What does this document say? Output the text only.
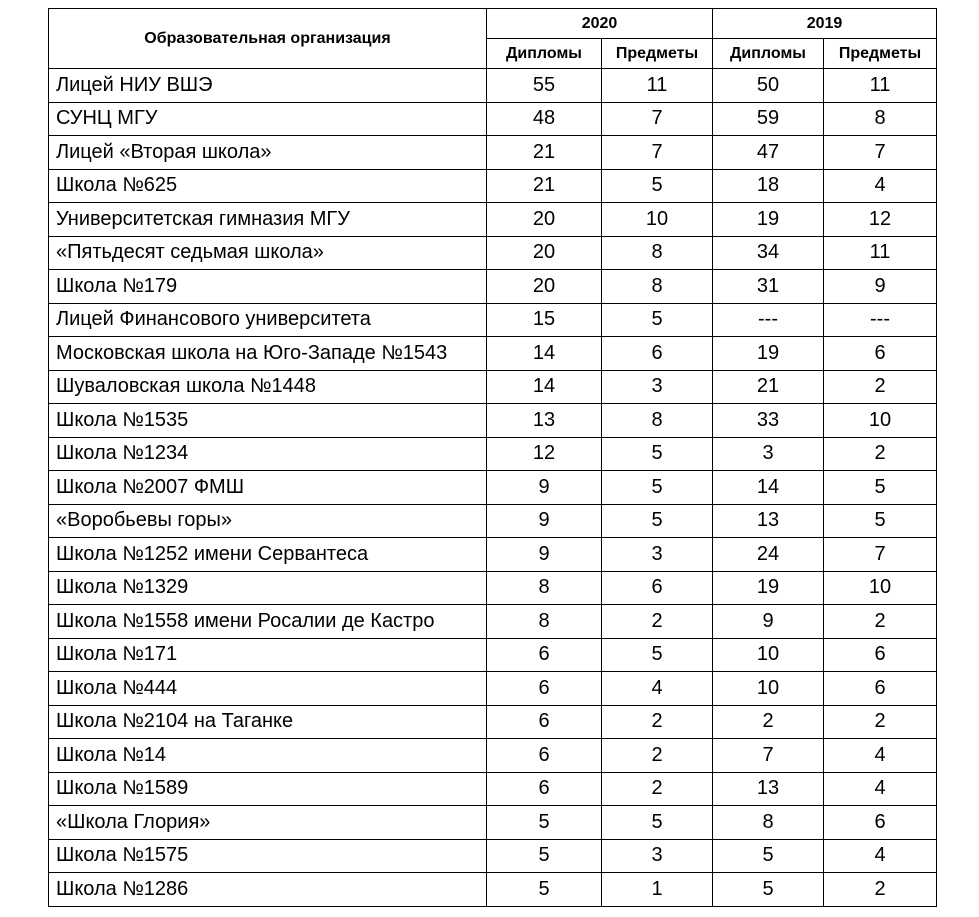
Образовательная организация	2020		2019	
	Дипломы	Предметы	Дипломы	Предметы
Лицей НИУ ВШЭ	55	11	50	11
СУНЦ МГУ	48	7	59	8
Лицей «Вторая школа»	21	7	47	7
Школа №625	21	5	18	4
Университетская гимназия МГУ	20	10	19	12
«Пятьдесят седьмая школа»	20	8	34	11
Школа №179	20	8	31	9
Лицей Финансового университета	15	5	---	---
Московская школа на Юго-Западе №1543	14	6	19	6
Шуваловская школа №1448	14	3	21	2
Школа №1535	13	8	33	10
Школа №1234	12	5	3	2
Школа №2007 ФМШ	9	5	14	5
«Воробьевы горы»	9	5	13	5
Школа №1252 имени Сервантеса	9	3	24	7
Школа №1329	8	6	19	10
Школа №1558 имени Росалии де Кастро	8	2	9	2
Школа №171	6	5	10	6
Школа №444	6	4	10	6
Школа №2104 на Таганке	6	2	2	2
Школа №14	6	2	7	4
Школа №1589	6	2	13	4
«Школа Глория»	5	5	8	6
Школа №1575	5	3	5	4
Школа №1286	5	1	5	2
